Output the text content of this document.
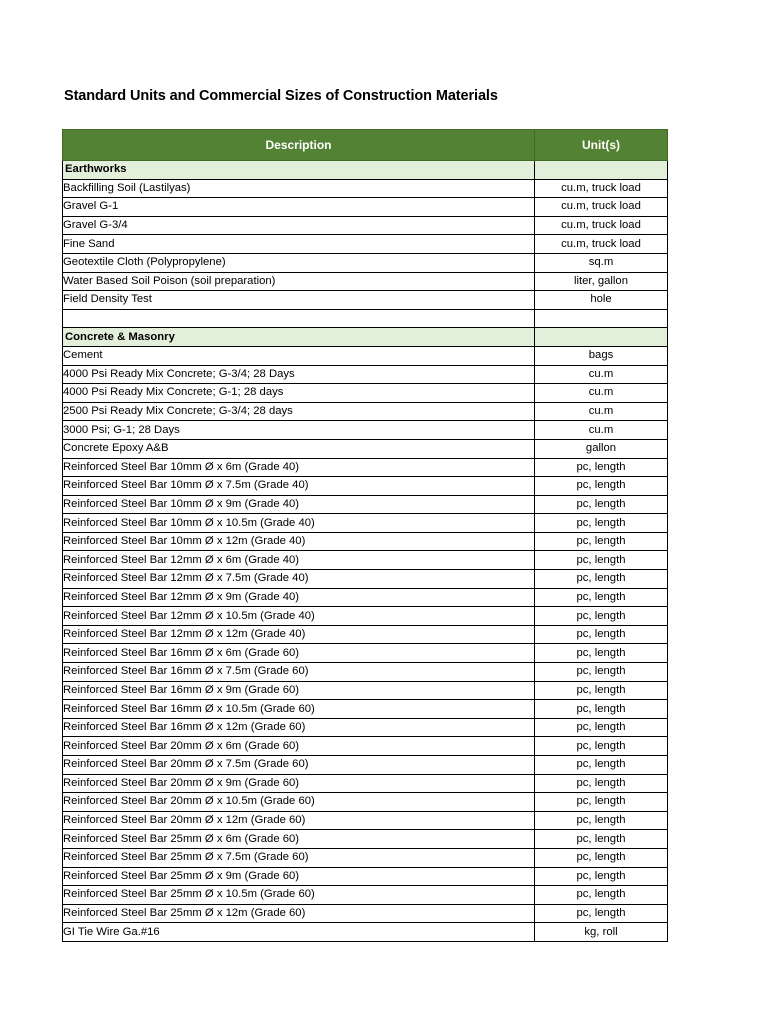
Standard Units and Commercial Sizes of Construction Materials
Description	Unit(s)
Earthworks	
Backfilling Soil (Lastilyas)	cu.m, truck load
Gravel G-1	cu.m, truck load
Gravel G-3/4	cu.m, truck load
Fine Sand	cu.m, truck load
Geotextile Cloth (Polypropylene)	sq.m
Water Based Soil Poison (soil preparation)	liter, gallon
Field Density Test	hole

Concrete & Masonry	
Cement	bags
4000 Psi Ready Mix Concrete; G-3/4; 28 Days	cu.m
4000 Psi Ready Mix Concrete; G-1; 28 days	cu.m
2500 Psi Ready Mix Concrete; G-3/4; 28 days	cu.m
3000 Psi; G-1; 28 Days	cu.m
Concrete Epoxy A&B	gallon
Reinforced Steel Bar 10mm Ø x 6m (Grade 40)	pc, length
Reinforced Steel Bar 10mm Ø x 7.5m (Grade 40)	pc, length
Reinforced Steel Bar 10mm Ø x 9m (Grade 40)	pc, length
Reinforced Steel Bar 10mm Ø x 10.5m (Grade 40)	pc, length
Reinforced Steel Bar 10mm Ø x 12m (Grade 40)	pc, length
Reinforced Steel Bar 12mm Ø x 6m (Grade 40)	pc, length
Reinforced Steel Bar 12mm Ø x 7.5m (Grade 40)	pc, length
Reinforced Steel Bar 12mm Ø x 9m (Grade 40)	pc, length
Reinforced Steel Bar 12mm Ø x 10.5m (Grade 40)	pc, length
Reinforced Steel Bar 12mm Ø x 12m (Grade 40)	pc, length
Reinforced Steel Bar 16mm Ø x 6m (Grade 60)	pc, length
Reinforced Steel Bar 16mm Ø x 7.5m (Grade 60)	pc, length
Reinforced Steel Bar 16mm Ø x 9m (Grade 60)	pc, length
Reinforced Steel Bar 16mm Ø x 10.5m (Grade 60)	pc, length
Reinforced Steel Bar 16mm Ø x 12m (Grade 60)	pc, length
Reinforced Steel Bar 20mm Ø x 6m (Grade 60)	pc, length
Reinforced Steel Bar 20mm Ø x 7.5m (Grade 60)	pc, length
Reinforced Steel Bar 20mm Ø x 9m (Grade 60)	pc, length
Reinforced Steel Bar 20mm Ø x 10.5m (Grade 60)	pc, length
Reinforced Steel Bar 20mm Ø x 12m (Grade 60)	pc, length
Reinforced Steel Bar 25mm Ø x 6m (Grade 60)	pc, length
Reinforced Steel Bar 25mm Ø x 7.5m (Grade 60)	pc, length
Reinforced Steel Bar 25mm Ø x 9m (Grade 60)	pc, length
Reinforced Steel Bar 25mm Ø x 10.5m (Grade 60)	pc, length
Reinforced Steel Bar 25mm Ø x 12m (Grade 60)	pc, length
GI Tie Wire Ga.#16	kg, roll
